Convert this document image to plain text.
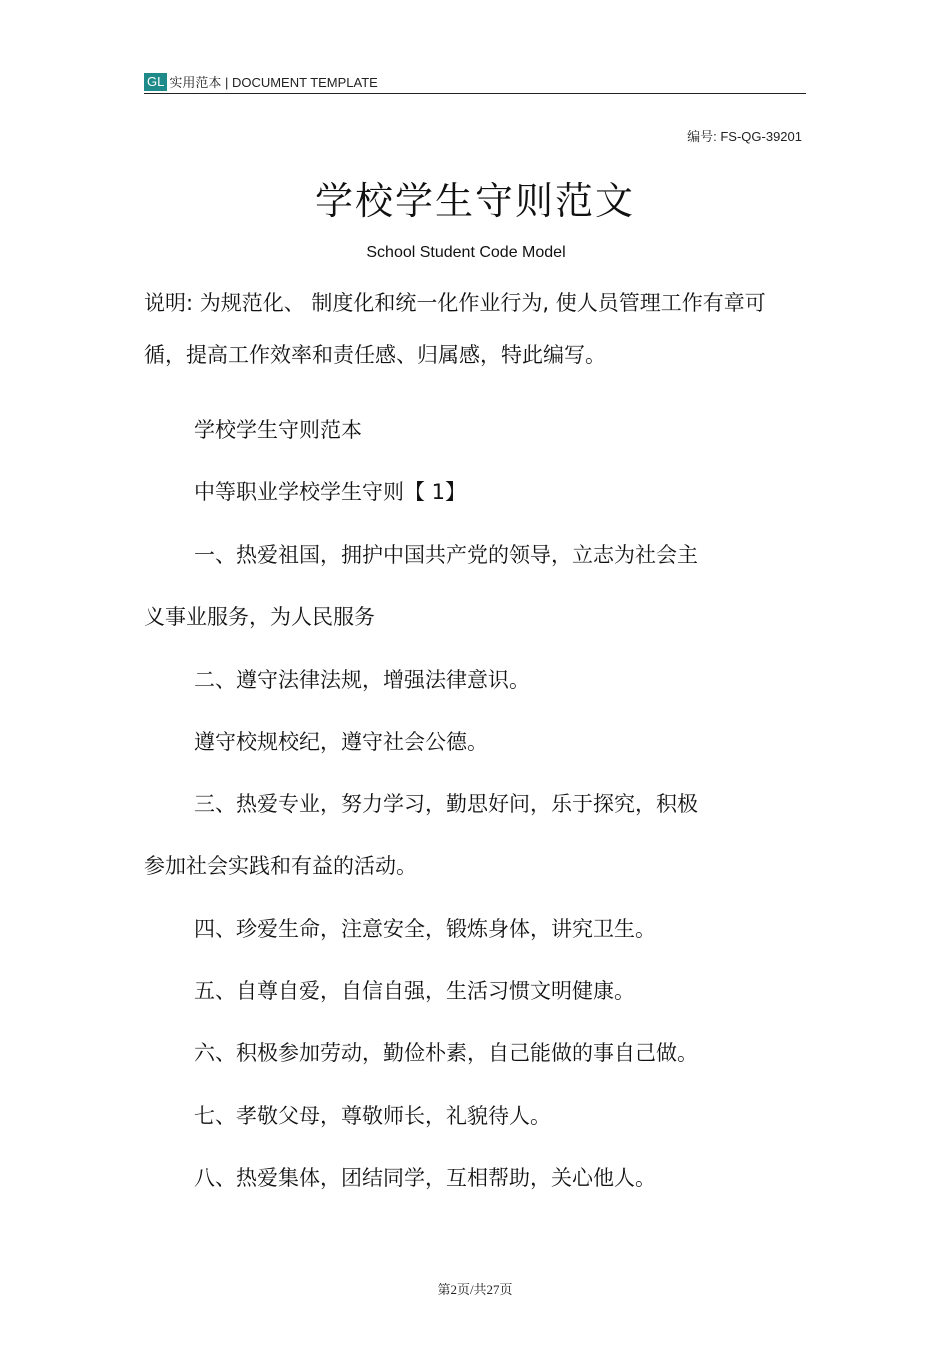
GL 实用范本 | DOCUMENT TEMPLATE
编号: FS-QG-39201
学校学生守则范文
School Student Code Model
说明: 为规范化、 制度化和统一化作业行为, 使人员管理工作有章可
循，提高工作效率和责任感、归属感，特此编写。
学校学生守则范本
中等职业学校学生守则【 1】
一、热爱祖国，拥护中国共产党的领导，立志为社会主
义事业服务，为人民服务
二、遵守法律法规，增强法律意识。
遵守校规校纪，遵守社会公德。
三、热爱专业，努力学习，勤思好问，乐于探究，积极
参加社会实践和有益的活动。
四、珍爱生命，注意安全，锻炼身体，讲究卫生。
五、自尊自爱，自信自强，生活习惯文明健康。
六、积极参加劳动，勤俭朴素，自己能做的事自己做。
七、孝敬父母，尊敬师长，礼貌待人。
八、热爱集体，团结同学，互相帮助，关心他人。
第2页/共27页
